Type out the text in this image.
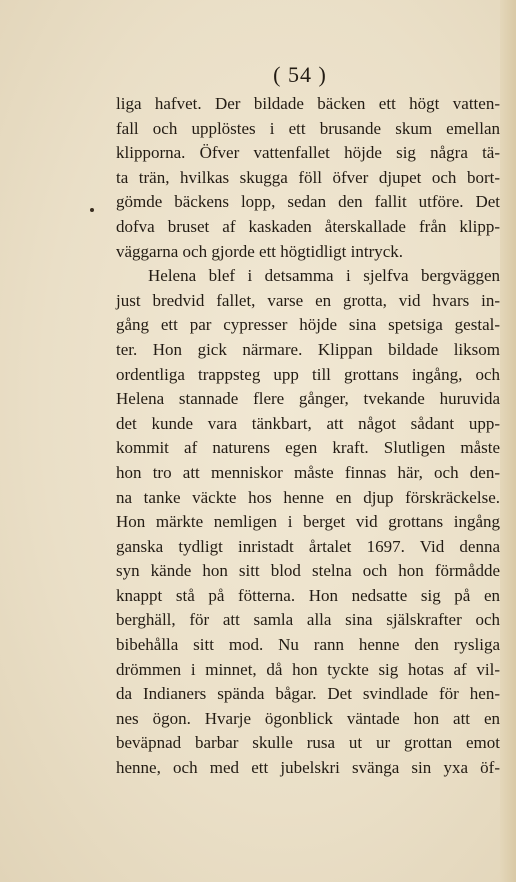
( 54 )
liga hafvet. Der bildade bäcken ett högt vatten-
fall och upplöstes i ett brusande skum emellan
klipporna. Öfver vattenfallet höjde sig några tä-
ta trän, hvilkas skugga föll öfver djupet och bort-
gömde bäckens lopp, sedan den fallit utföre. Det
dofva bruset af kaskaden återskallade från klipp-
väggarna och gjorde ett högtidligt intryck.
Helena blef i detsamma i sjelfva bergväggen
just bredvid fallet, varse en grotta, vid hvars in-
gång ett par cypresser höjde sina spetsiga gestal-
ter. Hon gick närmare. Klippan bildade liksom
ordentliga trappsteg upp till grottans ingång, och
Helena stannade flere gånger, tvekande huruvida
det kunde vara tänkbart, att något sådant upp-
kommit af naturens egen kraft. Slutligen måste
hon tro att menniskor måste finnas här, och den-
na tanke väckte hos henne en djup förskräckelse.
Hon märkte nemligen i berget vid grottans ingång
ganska tydligt inristadt årtalet 1697. Vid denna
syn kände hon sitt blod stelna och hon förmådde
knappt stå på fötterna. Hon nedsatte sig på en
berghäll, för att samla alla sina själskrafter och
bibehålla sitt mod. Nu rann henne den rysliga
drömmen i minnet, då hon tyckte sig hotas af vil-
da Indianers spända bågar. Det svindlade för hen-
nes ögon. Hvarje ögonblick väntade hon att en
beväpnad barbar skulle rusa ut ur grottan emot
henne, och med ett jubelskri svänga sin yxa öf-
